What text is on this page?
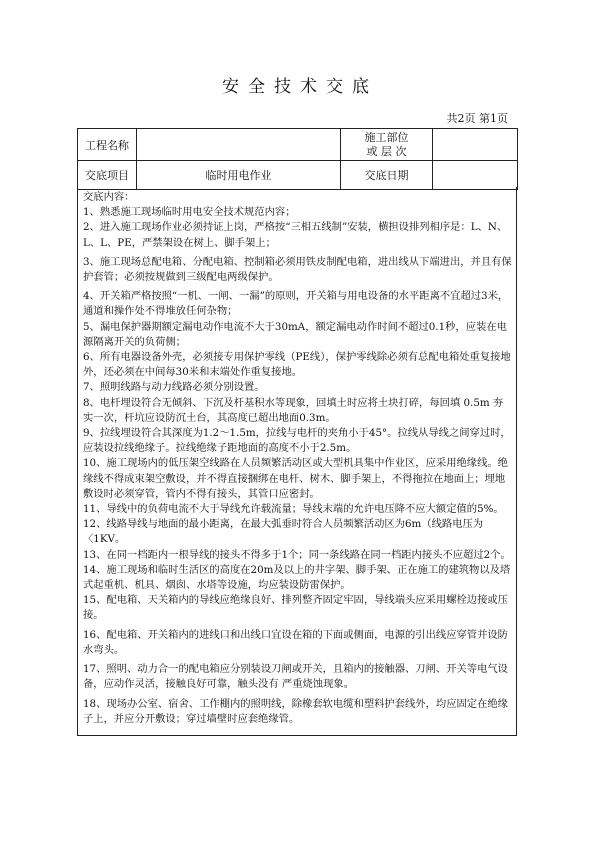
安全技术交底
共2页 第1页
工程名称		施工部位
或 层 次	

交底项目	临时用电作业	交底日期	

交底内容：

1、熟悉施工现场临时用电安全技术规范内容；

2、进入施工现场作业必须持证上岗，严格按“三相五线制”安装，横担设排列相序是：L、N、L、L、PE，严禁架设在树上、脚手架上；

3、施工现场总配电箱、分配电箱、控制箱必须用铁皮制配电箱，进出线从下端进出，并且有保护套管；必须按规做到三级配电两级保护。

4、开关箱严格按照“一机、一闸、一漏”的原则，开关箱与用电设备的水平距离不宜超过3米，通道和操作处不得堆放任何杂物；

5、漏电保护器期额定漏电动作电流不大于30mA，额定漏电动作时间不超过0.1秒，应装在电源隔离开关的负荷侧；

6、所有电器设备外壳，必须接专用保护零线（PE线），保护零线除必须有总配电箱处重复接地外，还必须在中间每30米和末端处作重复接地。

7、照明线路与动力线路必须分别设置。

8、电杆埋设符合无倾斜、下沉及杆基积水等现象，回填土时应将土块打碎，每回填 0.5m 夯实一次，杆坑应设防沉土台，其高度已超出地面0.3m。

9、拉线埋设符合其深度为1.2～1.5m，拉线与电杆的夹角小于45°。拉线从导线之间穿过时，应装设拉线绝缘子。拉线绝缘子距地面的高度不小于2.5m。

10、施工现场内的低压架空线路在人员频繁活动区或大型机具集中作业区，应采用绝缘线。绝缘线不得成束架空敷设，并不得直接捆绑在电杆、树木、脚手架上，不得拖拉在地面上；埋地敷设时必须穿管，管内不得有接头，其管口应密封。

11、导线中的负荷电流不大于导线允许载流量；导线末端的允许电压降不应大额定值的5%。

12、线路导线与地面的最小距离，在最大弧垂时符合人员频繁活动区为6m（线路电压为〈1KV。

13、在同一档距内一根导线的接头不得多于1个；同一条线路在同一档距内接头不应超过2个。

14、施工现场和临时生活区的高度在20m及以上的井字架、脚手架、正在施工的建筑物以及塔式起重机、机具、烟囱、水塔等设施，均应装设防雷保护。

15、配电箱、天关箱内的导线应绝缘良好、排列整齐固定牢固，导线端头应采用螺栓边接或压接。

16、配电箱、开关箱内的进线口和出线口宜设在箱的下面或侧面，电源的引出线应穿管并设防水弯头。

17、照明、动力合一的配电箱应分别装设刀闸或开关，且箱内的接触器、刀闸、开关等电气设备，应动作灵活，接触良好可靠，触头没有 严重烧蚀现象。

18、现场办公室、宿舍、工作棚内的照明线，除橡套软电缆和塑料护套线外，均应固定在绝缘子上，并应分开敷设；穿过墙壁时应套绝缘管。
